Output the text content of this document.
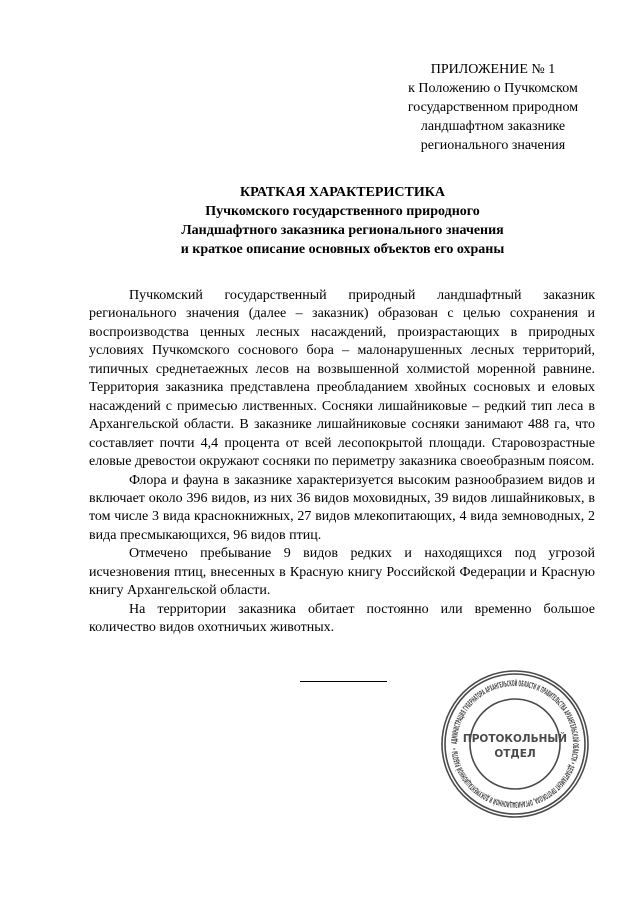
ПРИЛОЖЕНИЕ № 1
к Положению о Пучкомском
государственном природном
ландшафтном заказнике
регионального значения
КРАТКАЯ ХАРАКТЕРИСТИКА
Пучкомского государственного природного
Ландшафтного заказника регионального значения
и краткое описание основных объектов его охраны

Пучкомский государственный природный ландшафтный заказник регионального значения (далее – заказник) образован с целью сохранения и воспроизводства ценных лесных насаждений, произрастающих в природных условиях Пучкомского соснового бора – малонарушенных лесных территорий, типичных среднетаежных лесов на возвышенной холмистой моренной равнине. Территория заказника представлена преобладанием хвойных сосновых и еловых насаждений с примесью лиственных. Сосняки лишайниковые – редкий тип леса в Архангельской области. В заказнике лишайниковые сосняки занимают 488 га, что составляет почти 4,4 процента от всей лесопокрытой площади. Старовозрастные еловые древостои окружают сосняки по периметру заказника своеобразным поясом.

Флора и фауна в заказнике характеризуется высоким разнообразием видов и включает около 396 видов, из них 36 видов моховидных, 39 видов лишайниковых, в том числе 3 вида краснокнижных, 27 видов млекопитающих, 4 вида земноводных, 2 вида пресмыкающихся, 96 видов птиц.

Отмечено пребывание 9 видов редких и находящихся под угрозой исчезновения птиц, внесенных в Красную книгу Российской Федерации и Красную книгу Архангельской области.

На территории заказника обитает постоянно или временно большое количество видов охотничьих животных.

АДМИНИСТРАЦИЯ ГУБЕРНАТОРА АРХАНГЕЛЬСКОЙ ОБЛАСТИ И ПРАВИТЕЛЬСТВА АРХАНГЕЛЬСКОЙ ОБЛАСТИ • ДЕПАРТАМЕНТ ПРОТОКОЛА, ОРГАНИЗАЦИОННОЙ И ДОКУМЕНТАЦИОННОЙ РАБОТЫ •
ПРОТОКОЛЬНЫЙ
ОТДЕЛ
